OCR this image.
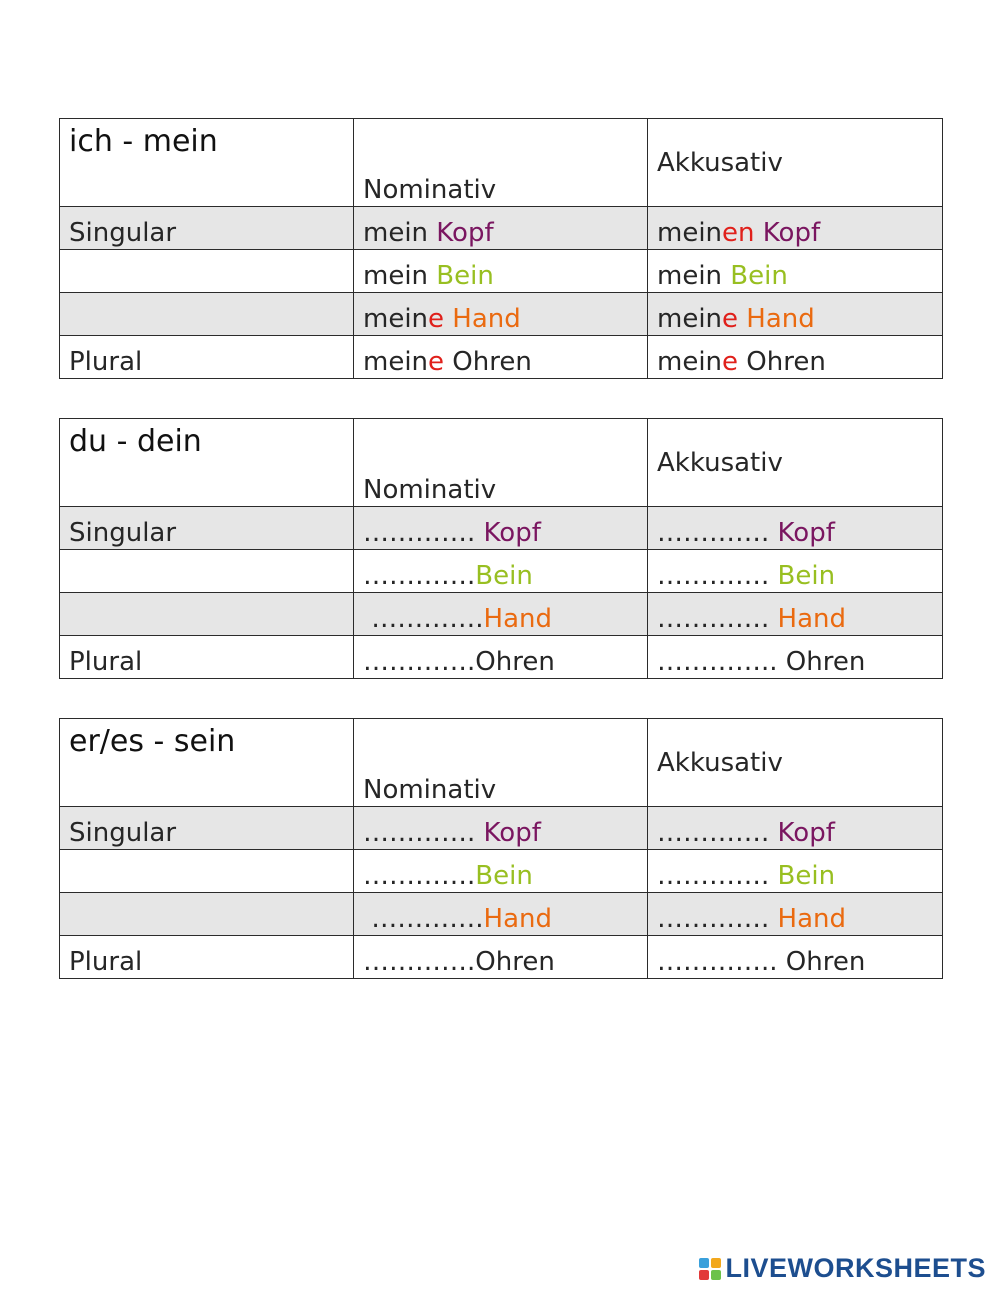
ich - mein	Nominativ	Akkusativ
Singular	mein Kopf	meinen Kopf
	mein Bein	mein Bein
	meine Hand	meine Hand
Plural	meine Ohren	meine Ohren
du - dein	Nominativ	Akkusativ
Singular	…………. Kopf	…………. Kopf
	………….Bein	…………. Bein
	………….Hand	…………. Hand
Plural	………….Ohren	………….. Ohren
er/es - sein	Nominativ	Akkusativ
Singular	…………. Kopf	…………. Kopf
	………….Bein	…………. Bein
	………….Hand	…………. Hand
Plural	………….Ohren	………….. Ohren
LIVEWORKSHEETS
